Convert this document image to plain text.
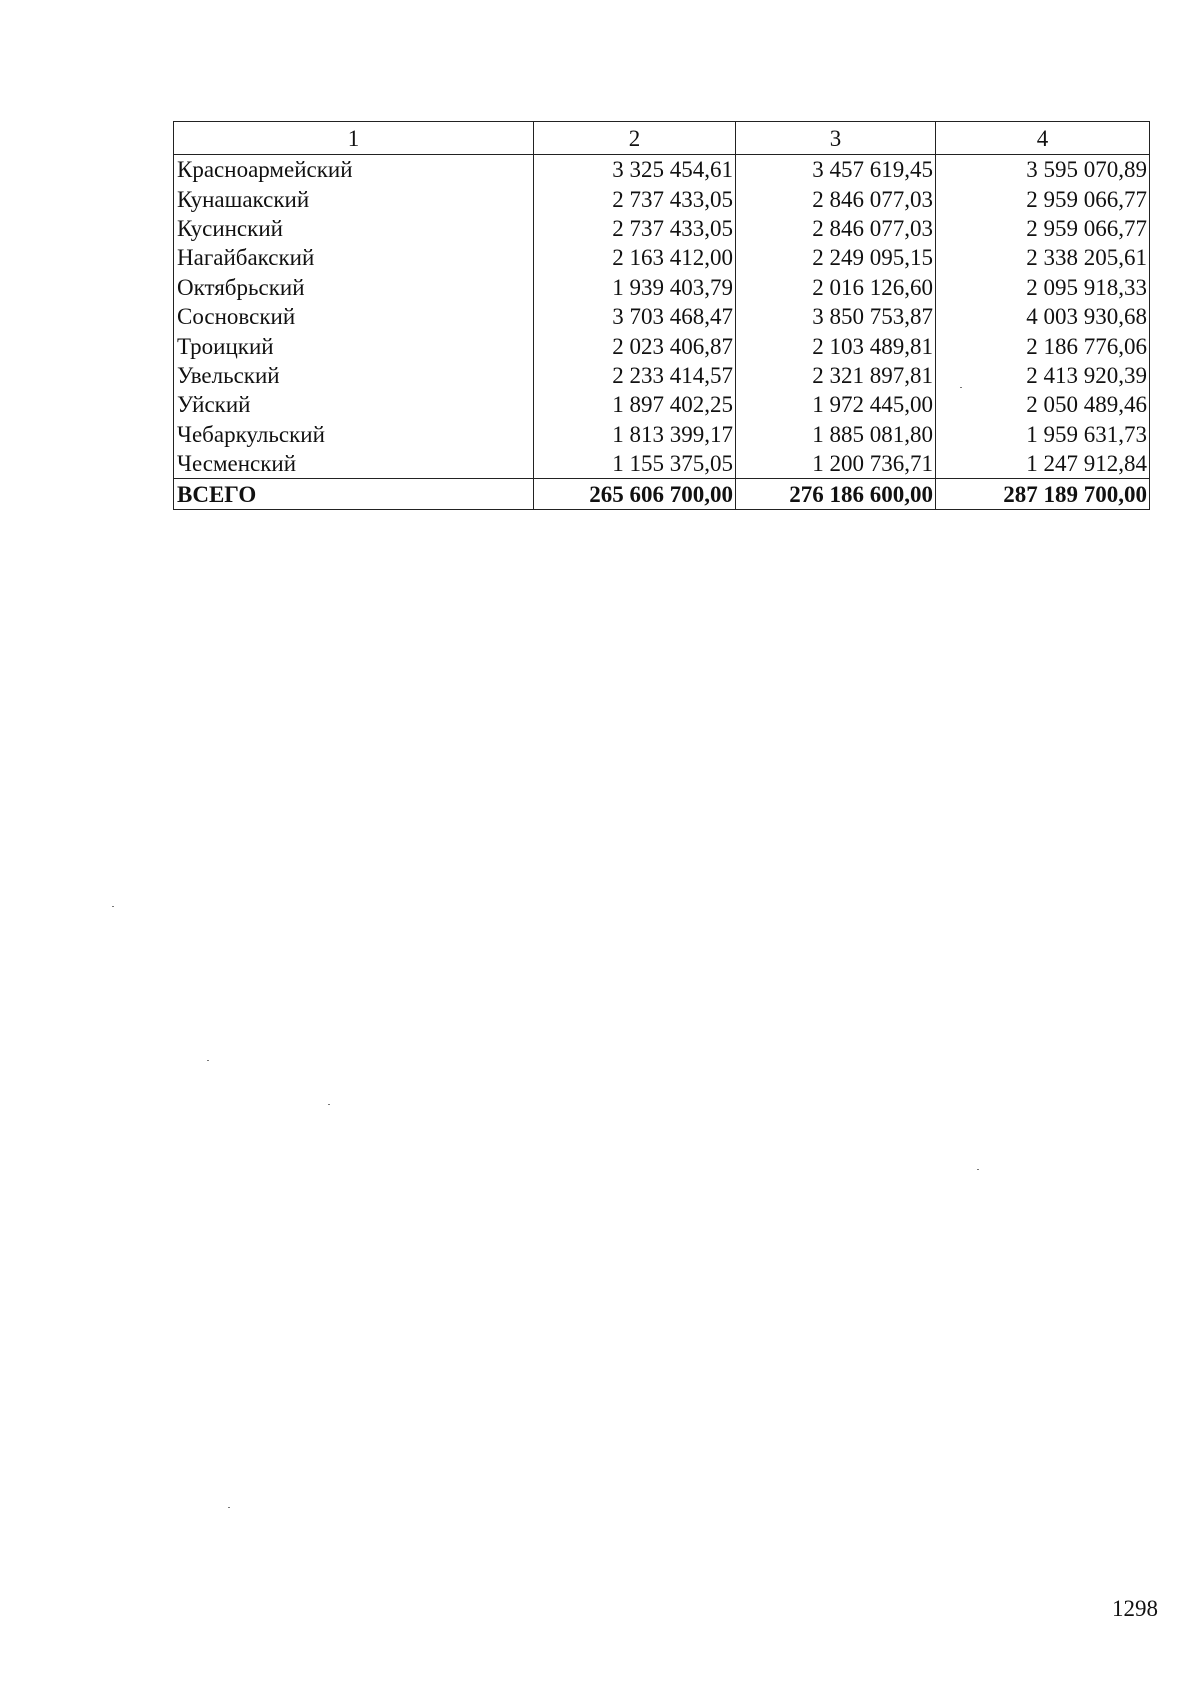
1	2	3	4
Красноармейский	3 325 454,61	3 457 619,45	3 595 070,89
Кунашакский	2 737 433,05	2 846 077,03	2 959 066,77
Кусинский	2 737 433,05	2 846 077,03	2 959 066,77
Нагайбакский	2 163 412,00	2 249 095,15	2 338 205,61
Октябрьский	1 939 403,79	2 016 126,60	2 095 918,33
Сосновский	3 703 468,47	3 850 753,87	4 003 930,68
Троицкий	2 023 406,87	2 103 489,81	2 186 776,06
Увельский	2 233 414,57	2 321 897,81	2 413 920,39
Уйский	1 897 402,25	1 972 445,00	2 050 489,46
Чебаркульский	1 813 399,17	1 885 081,80	1 959 631,73
Чесменский	1 155 375,05	1 200 736,71	1 247 912,84
ВСЕГО	265 606 700,00	276 186 600,00	287 189 700,00
1298
